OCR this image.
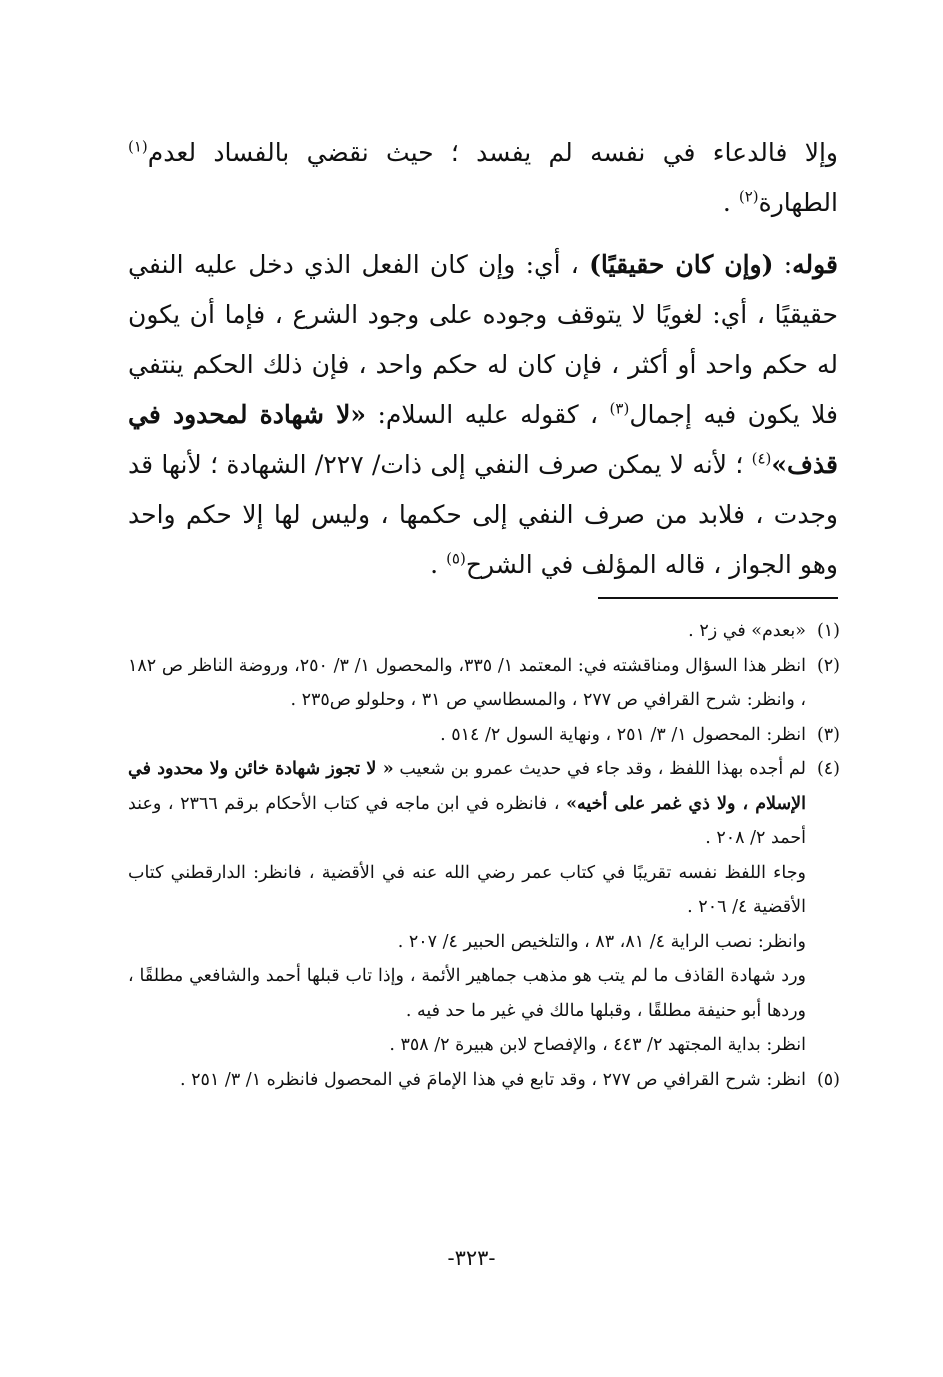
وإلا فالدعاء في نفسه لم يفسد ؛ حيث نقضي بالفساد لعدم$^{(١)}$ الطهارة$^{(٢)}$ .

قوله: (وإن كان حقيقيًا) ، أي: وإن كان الفعل الذي دخل عليه النفي حقيقيًا ، أي: لغويًا لا يتوقف وجوده على وجود الشرع ، فإما أن يكون له حكم واحد أو أكثر ، فإن كان له حكم واحد ، فإن ذلك الحكم ينتفي فلا يكون فيه إجمال$^{(٣)}$ ، كقوله عليه السلام: «لا شهادة لمحدود في قذف»$^{(٤)}$ ؛ لأنه لا يمكن صرف النفي إلى ذات/ ٢٢٧/ الشهادة ؛ لأنها قد وجدت ، فلابد من صرف النفي إلى حكمها ، وليس لها إلا حكم واحد وهو الجواز ، قاله المؤلف في الشرح$^{(٥)}$ .

(١)
«بعدم» في ز٢ .
(٢)
انظر هذا السؤال ومناقشته في: المعتمد ١/ ٣٣٥، والمحصول ١/ ٣/ ٢٥٠، وروضة الناظر ص ١٨٢ ، وانظر: شرح القرافي ص ٢٧٧ ، والمسطاسي ص ٣١ ، وحلولو ص٢٣٥ .
(٣)
انظر: المحصول ١/ ٣/ ٢٥١ ، ونهاية السول ٢/ ٥١٤ .
(٤)
لم أجده بهذا اللفظ ، وقد جاء في حديث عمرو بن شعيب « لا تجوز شهادة خائن ولا محدود في الإسلام ، ولا ذي غمر على أخيه» ، فانظره في ابن ماجه في كتاب الأحكام برقم ٢٣٦٦ ، وعند أحمد ٢/ ٢٠٨ .
وجاء اللفظ نفسه تقريبًا في كتاب عمر رضي الله عنه في الأقضية ، فانظر: الدارقطني كتاب الأقضية ٤/ ٢٠٦ .
وانظر: نصب الراية ٤/ ٨١، ٨٣ ، والتلخيص الحبير ٤/ ٢٠٧ .
ورد شهادة القاذف ما لم يتب هو مذهب جماهير الأئمة ، وإذا تاب قبلها أحمد والشافعي مطلقًا ، وردها أبو حنيفة مطلقًا ، وقبلها مالك في غير ما حد فيه .
انظر: بداية المجتهد ٢/ ٤٤٣ ، والإفصاح لابن هبيرة ٢/ ٣٥٨ .
(٥)
انظر: شرح القرافي ص ٢٧٧ ، وقد تابع في هذا الإمامَ في المحصول فانظره ١/ ٣/ ٢٥١ .
-٣٢٣-
